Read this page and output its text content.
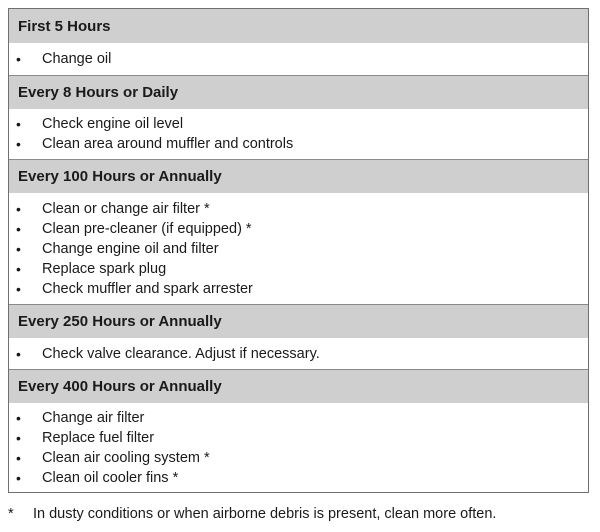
First 5 Hours
• Change oil
Every 8 Hours or Daily
• Check engine oil level
• Clean area around muffler and controls
Every 100 Hours or Annually
• Clean or change air filter *
• Clean pre-cleaner (if equipped) *
• Change engine oil and filter
• Replace spark plug
• Check muffler and spark arrester
Every 250 Hours or Annually
• Check valve clearance. Adjust if necessary.
Every 400 Hours or Annually
• Change air filter
• Replace fuel filter
• Clean air cooling system *
• Clean oil cooler fins *
* In dusty conditions or when airborne debris is present, clean more often.
